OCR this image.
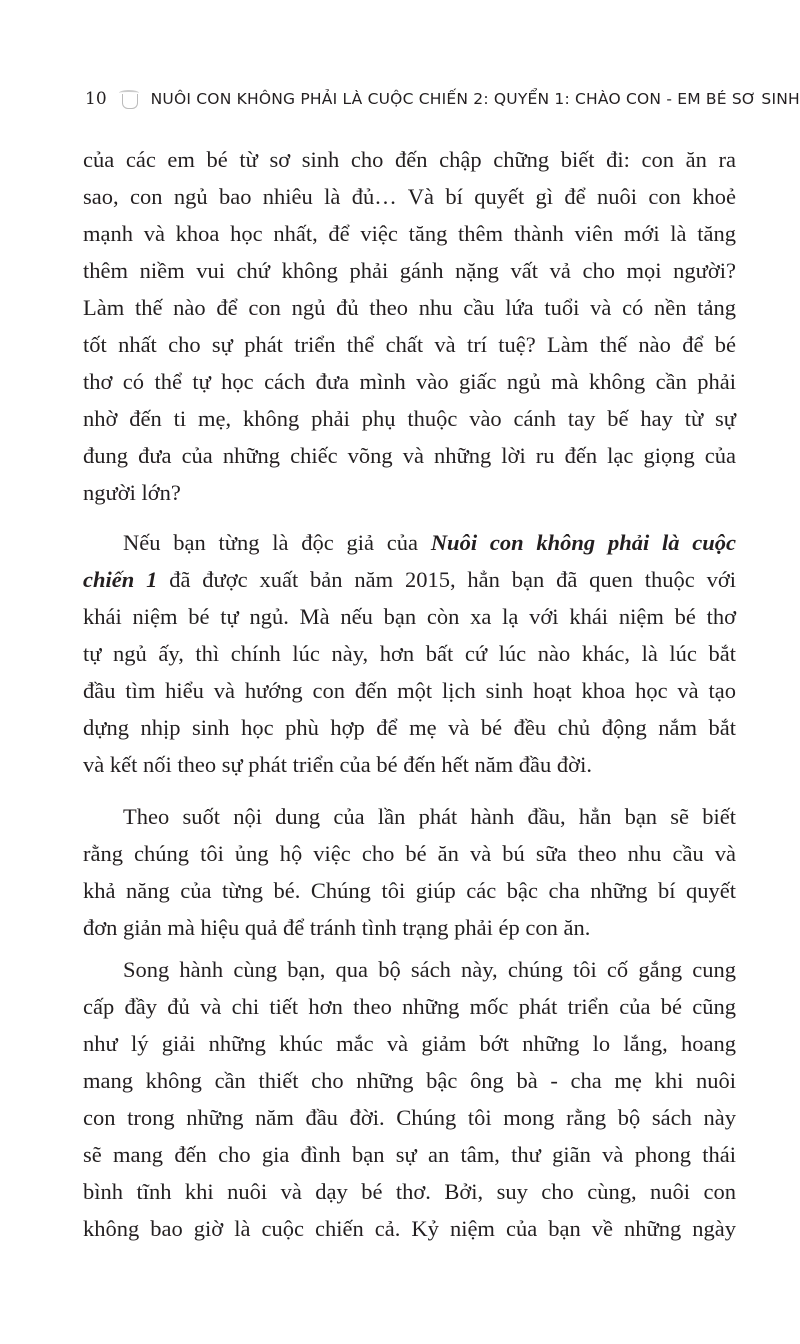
10	NUÔI CON KHÔNG PHẢI LÀ CUỘC CHIẾN 2: QUYỂN 1: CHÀO CON - EM BÉ SƠ SINH
của các em bé từ sơ sinh cho đến chập chững biết đi: con ăn ra
sao, con ngủ bao nhiêu là đủ… Và bí quyết gì để nuôi con khoẻ
mạnh và khoa học nhất, để việc tăng thêm thành viên mới là tăng
thêm niềm vui chứ không phải gánh nặng vất vả cho mọi người?
Làm thế nào để con ngủ đủ theo nhu cầu lứa tuổi và có nền tảng
tốt nhất cho sự phát triển thể chất và trí tuệ? Làm thế nào để bé
thơ có thể tự học cách đưa mình vào giấc ngủ mà không cần phải
nhờ đến ti mẹ, không phải phụ thuộc vào cánh tay bế hay từ sự
đung đưa của những chiếc võng và những lời ru đến lạc giọng của
người lớn?
Nếu bạn từng là độc giả của Nuôi con không phải là cuộc
chiến 1 đã được xuất bản năm 2015, hẳn bạn đã quen thuộc với
khái niệm bé tự ngủ. Mà nếu bạn còn xa lạ với khái niệm bé thơ
tự ngủ ấy, thì chính lúc này, hơn bất cứ lúc nào khác, là lúc bắt
đầu tìm hiểu và hướng con đến một lịch sinh hoạt khoa học và tạo
dựng nhịp sinh học phù hợp để mẹ và bé đều chủ động nắm bắt
và kết nối theo sự phát triển của bé đến hết năm đầu đời.
Theo suốt nội dung của lần phát hành đầu, hẳn bạn sẽ biết
rằng chúng tôi ủng hộ việc cho bé ăn và bú sữa theo nhu cầu và
khả năng của từng bé. Chúng tôi giúp các bậc cha những bí quyết
đơn giản mà hiệu quả để tránh tình trạng phải ép con ăn.
Song hành cùng bạn, qua bộ sách này, chúng tôi cố gắng cung
cấp đầy đủ và chi tiết hơn theo những mốc phát triển của bé cũng
như lý giải những khúc mắc và giảm bớt những lo lắng, hoang
mang không cần thiết cho những bậc ông bà - cha mẹ khi nuôi
con trong những năm đầu đời. Chúng tôi mong rằng bộ sách này
sẽ mang đến cho gia đình bạn sự an tâm, thư giãn và phong thái
bình tĩnh khi nuôi và dạy bé thơ. Bởi, suy cho cùng, nuôi con
không bao giờ là cuộc chiến cả. Kỷ niệm của bạn về những ngày
